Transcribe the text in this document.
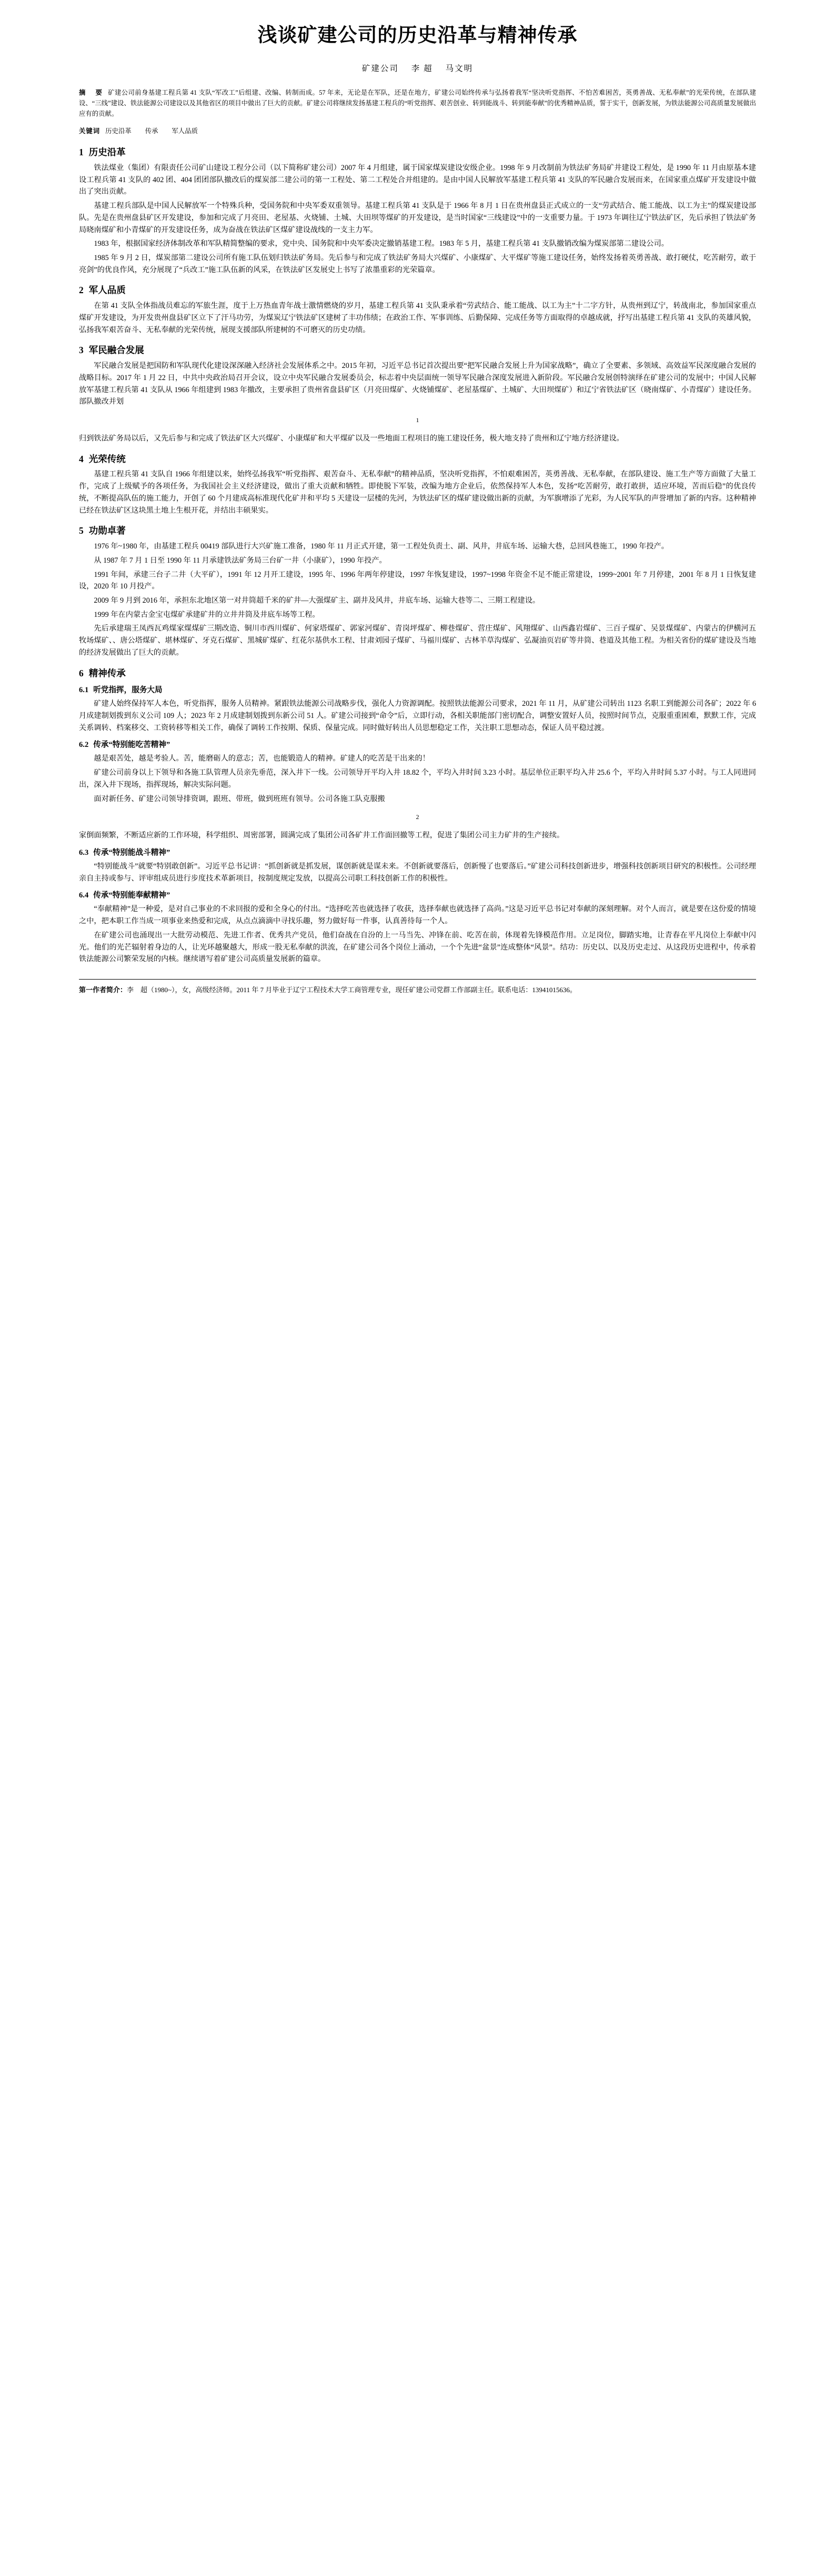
浅谈矿建公司的历史沿革与精神传承
矿建公司 李 超 马文明
摘　要 矿建公司前身基建工程兵第 41 支队“军改工”后组建、改编、转制而成。57 年来，无论是在军队，还是在地方，矿建公司始终传承与弘扬着我军“坚决听党指挥、不怕苦难困苦，英勇善战、无私奉献”的光荣传统，在部队建设、“三线”建设、铁法能源公司建设以及其他省区的项目中做出了巨大的贡献。矿建公司将继续发扬基建工程兵的“听党指挥、艰苦创业、转到能战斗、转到能奉献”的优秀精神品质，誓于实干，创新发展，为铁法能源公司高质量发展做出应有的贡献。
关键词 历史沿革 传承 军人品质
1 历史沿革

铁法煤业（集团）有限责任公司矿山建设工程分公司（以下简称矿建公司）2007 年 4 月组建，属于国家煤炭建设安级企业。1998 年 9 月改制前为铁法矿务局矿井建设工程处，是 1990 年 11 月由原基本建设工程兵第 41 支队的 402 团、404 团团部队撤改后的煤炭部二建公司的第一工程处、第二工程处合并组建的。是由中国人民解放军基建工程兵第 41 支队的军民融合发展而来，在国家重点煤矿开发建设中做出了突出贡献。

基建工程兵部队是中国人民解放军一个特殊兵种，受国务院和中央军委双重领导。基建工程兵第 41 支队是于 1966 年 8 月 1 日在贵州盘县正式成立的一支“劳武结合、能工能战、以工为主”的煤炭建设部队。先是在贵州盘县矿区开发建设，参加和完成了月亮田、老屋基、火烧铺、土城、大田坝等煤矿的开发建设，是当时国家“三线建设”中的一支重要力量。于 1973 年调往辽宁铁法矿区，先后承担了铁法矿务局晓南煤矿和小青煤矿的开发建设任务，成为奋战在铁法矿区煤矿建设战线的一支主力军。

1983 年，根据国家经济体制改革和军队精简整编的要求，党中央、国务院和中央军委决定撤销基建工程。1983 年 5 月，基建工程兵第 41 支队撤销改编为煤炭部第二建设公司。

1985 年 9 月 2 日，煤炭部第二建设公司所有施工队伍划归铁法矿务局。先后参与和完成了铁法矿务局大兴煤矿、小康煤矿、大平煤矿等施工建设任务，始终发扬着英勇善战、敢打硬仗，吃苦耐劳，敢于亮剑”的优良作风，充分展现了“兵改工”施工队伍新的风采，在铁法矿区发展史上书写了浓墨重彩的光荣篇章。

2 军人品质

在第 41 支队全体指战员难忘的军旅生涯，度于上万热血青年战士激情燃烧的岁月，基建工程兵第 41 支队秉承着“劳武结合、能工能战、以工为主”十二字方针，从贵州到辽宁，转战南北，参加国家重点煤矿开发建设，为开发贵州盘县矿区立下了汗马功劳，为煤炭辽宁铁法矿区建树了丰功伟绩；在政治工作、军事训练、后勤保障、完成任务等方面取得的卓越成就，抒写出基建工程兵第 41 支队的英雄风貌，弘扬我军艰苦奋斗、无私奉献的光荣传统，展现支援部队所建树的不可磨灭的历史功绩。

3 军民融合发展

军民融合发展是把国防和军队现代化建设深深融入经济社会发展体系之中。2015 年初，习近平总书记首次提出要“把军民融合发展上升为国家战略”，确立了全要素、多领域、高效益军民深度融合发展的战略目标。2017 年 1 月 22 日，中共中央政治局召开会议，设立中央军民融合发展委员会，标志着中央层面统一领导军民融合深度发展进入新阶段。军民融合发展创特演绎在矿建公司的发展中；中国人民解放军基建工程兵第 41 支队从 1966 年组建到 1983 年撤改，主要承担了贵州省盘县矿区（月亮田煤矿、火烧铺煤矿、老屋基煤矿、土城矿、大田坝煤矿）和辽宁省铁法矿区（晓南煤矿、小青煤矿）建设任务。部队撤改并划

1

归到铁法矿务局以后，又先后参与和完成了铁法矿区大兴煤矿、小康煤矿和大平煤矿以及一些地面工程项目的施工建设任务，极大地支持了贵州和辽宁地方经济建设。

4 光荣传统

基建工程兵第 41 支队自 1966 年组建以来，始终弘扬我军“听党指挥、艰苦奋斗、无私奉献”的精神品质，坚决听党指挥，不怕艰难困苦，英勇善战、无私奉献，在部队建设、施工生产等方面做了大量工作，完成了上级赋予的各项任务，为我国社会主义经济建设，做出了重大贡献和牺牲。即使脱下军装，改编为地方企业后，依然保持军人本色，发扬“吃苦耐劳，敢打敢拼，适应环境，苦而后稳”的优良传统，不断提高队伍的施工能力，开创了 60 个月建成高标准现代化矿井和平均 5 天建设一层楼的先河，为铁法矿区的煤矿建设做出新的贡献，为军旗增添了光彩，为人民军队的声誉增加了新的内容。这种精神已经在铁法矿区这块黑土地上生根开花，并结出丰硕果实。

5 功勋卓著

1976 年~1980 年，由基建工程兵 00419 部队进行大兴矿施工准备，1980 年 11 月正式开建，第一工程处负责土、副、风井，井底车场、运输大巷，总回风巷施工，1990 年投产。

从 1987 年 7 月 1 日至 1990 年 11 月承建铁法矿务局三台矿一井（小康矿），1990 年投产。

1991 年间，承建三台子二井（大平矿），1991 年 12 月开工建设，1995 年、1996 年两年停建设，1997 年恢复建设，1997~1998 年资金不足不能正常建设，1999~2001 年 7 月停建，2001 年 8 月 1 日恢复建设，2020 年 10 月投产。

2009 年 9 月到 2016 年，承担东北地区第一对井筒超千米的矿井—大强煤矿主、副井及风井，井底车场、运输大巷等二、三期工程建设。

1999 年在内蒙古金宝屯煤矿承建矿井的立井井筒及井底车场等工程。

先后承建瑞王凤西瓦鸡煤家煤煤矿三期改造、铜川市西川煤矿、何家塔煤矿、郭家河煤矿、青岗坪煤矿、柳巷煤矿、营庄煤矿、风翔煤矿、山西鑫岩煤矿、三百子煤矿、吴景煤煤矿、内蒙古的伊横河五牧场煤矿、、唐公塔煤矿、堪林煤矿、牙克石煤矿、黑城矿煤矿、红花尔基供水工程、甘肃刘园子煤矿、马福川煤矿、古林羊草沟煤矿、弘凝油页岩矿等井筒、巷道及其他工程。为相关省份的煤矿建设及当地的经济发展做出了巨大的贡献。

6 精神传承
6.1 听党指挥，服务大局

矿建人始终保持军人本色，听党指挥，服务人员精神。紧跟铁法能源公司战略步伐，强化人力资源调配。按照铁法能源公司要求，2021 年 11 月，从矿建公司转出 1123 名职工到能源公司各矿；2022 年 6 月成建制划拨到东义公司 109 人；2023 年 2 月成建制划拨到东新公司 51 人。矿建公司接到“命令”后，立即行动，各相关职能部门密切配合，调整安置好人员，按照时间节点，克服重重困难，默默工作，完成关系调转、档案移交、工资转移等相关工作，确保了调转工作按期、保质、保量完成。同时做好转出人员思想稳定工作，关注职工思想动态，保证人员平稳过渡。

6.2 传承“特别能吃苦精神”

越是艰苦处，越是考验人。苦，能磨砺人的意志；苦，也能锻造人的精神。矿建人的吃苦是干出来的！

矿建公司前身以上下领导和各施工队管理人员亲先垂范，深入井下一线。公司领导开平均入井 18.82 个，平均入井时间 3.23 小时。基层单位正职平均入井 25.6 个，平均入井时间 5.37 小时。与工人同进同出，深入井下现场，指挥现场，解决实际问题。

面对新任务、矿建公司领导排资调，跟班、带班，做到班班有领导。公司各施工队克服搬

2

家倒面频繁，不断适应新的工作环境，科学组织、周密部署，圆满完成了集团公司各矿井工作面回撤等工程，促进了集团公司主力矿井的生产接续。

6.3 传承“特别能战斗精神”

“特别能战斗”就要“特别敢创新”。习近平总书记讲：“抓创新就是抓发展，谋创新就是谋未来。不创新就要落后，创新慢了也要落后。”矿建公司科技创新进步，增强科技创新项目研究的积极性。公司经理亲自主持或参与、评审组成员进行步度技术革新项目，按制度规定发放，以提高公司职工科技创新工作的积极性。

6.4 传承“特别能奉献精神”

“奉献精神”是一种爱，是对自己事业的不求回报的爱和全身心的付出。“选择吃苦也就选择了收获，选择奉献也就选择了高尚。”这是习近平总书记对奉献的深刻理解。对个人而言，就是要在这份爱的情境之中，把本职工作当成一项事业来热爱和完成，从点点滴滴中寻找乐趣，努力做好每一件事，认真善待每一个人。

在矿建公司也涌现出一大批劳动模范、先进工作者、优秀共产党员，他们奋战在自汾的上一马当先、冲锋在前、吃苦在前，体现着先锋模范作用。立足岗位，脚踏实地，让青春在平凡岗位上奉献中闪光。他们的光芒辐射着身边的人，让光环越聚越大，形成一股无私奉献的洪流，在矿建公司各个岗位上涌动，一个个先进“盆景”连成整体“风景”。结功：历史以、以及历史走过、从这段历史进程中，传承着铁法能源公司繁荣发展的内核。继续谱写着矿建公司高质量发展新的篇章。

第一作者简介：李　超（1980~），女，高级经济师。2011 年 7 月毕业于辽宁工程技术大学工商管理专业，现任矿建公司党群工作部副主任。联系电话：13941015636。
